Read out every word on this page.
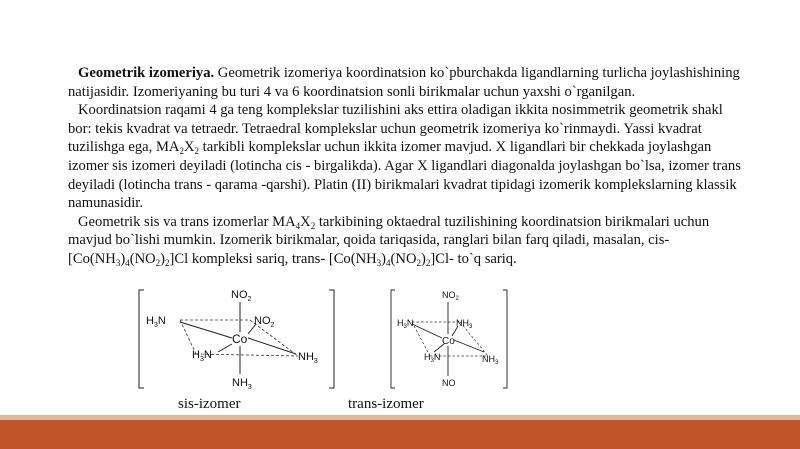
Geometrik izomeriya. Geometrik izomeriya koordinatsion ko`pburchakda ligandlarning turlicha joylashishining natijasidir. Izomeriyaning bu turi 4 va 6 koordinatsion sonli birikmalar uchun yaxshi o`rganilgan.

Koordinatsion raqami 4 ga teng komplekslar tuzilishini aks ettira oladigan ikkita nosimmetrik geometrik shakl bor: tekis kvadrat va tetraedr. Tetraedral komplekslar uchun geometrik izomeriya ko`rinmaydi. Yassi kvadrat tuzilishga ega, $MA_2X_2$ tarkibli komplekslar uchun ikkita izomer mavjud. X ligandlari bir chekkada joylashgan izomer sis izomeri deyiladi (lotincha cis - birgalikda). Agar X ligandlari diagonalda joylashgan bo`lsa, izomer trans deyiladi (lotincha trans - qarama -qarshi). Platin (II) birikmalari kvadrat tipidagi izomerik komplekslarning klassik namunasidir.

Geometrik sis va trans izomerlar $MA_4X_2$ tarkibining oktaedral tuzilishining koordinatsion birikmalari uchun mavjud bo`lishi mumkin. Izomerik birikmalar, qoida tariqasida, ranglari bilan farq qiladi, masalan, cis- $[Co(NH_3)_4(NO_2)_2]Cl$ kompleksi sariq, trans- $[Co(NH_3)_4(NO_2)_2]Cl-$ to`q sariq.

$NO_2$
$H_3N$	$NO_2$
Co
$H_3N$	$NH_3$
$NH_3$
$NO_2$
$H_3N$	$NH_3$
Co
$H_3N$	$NH_3$
NO
sis-izomer	trans-izomer
